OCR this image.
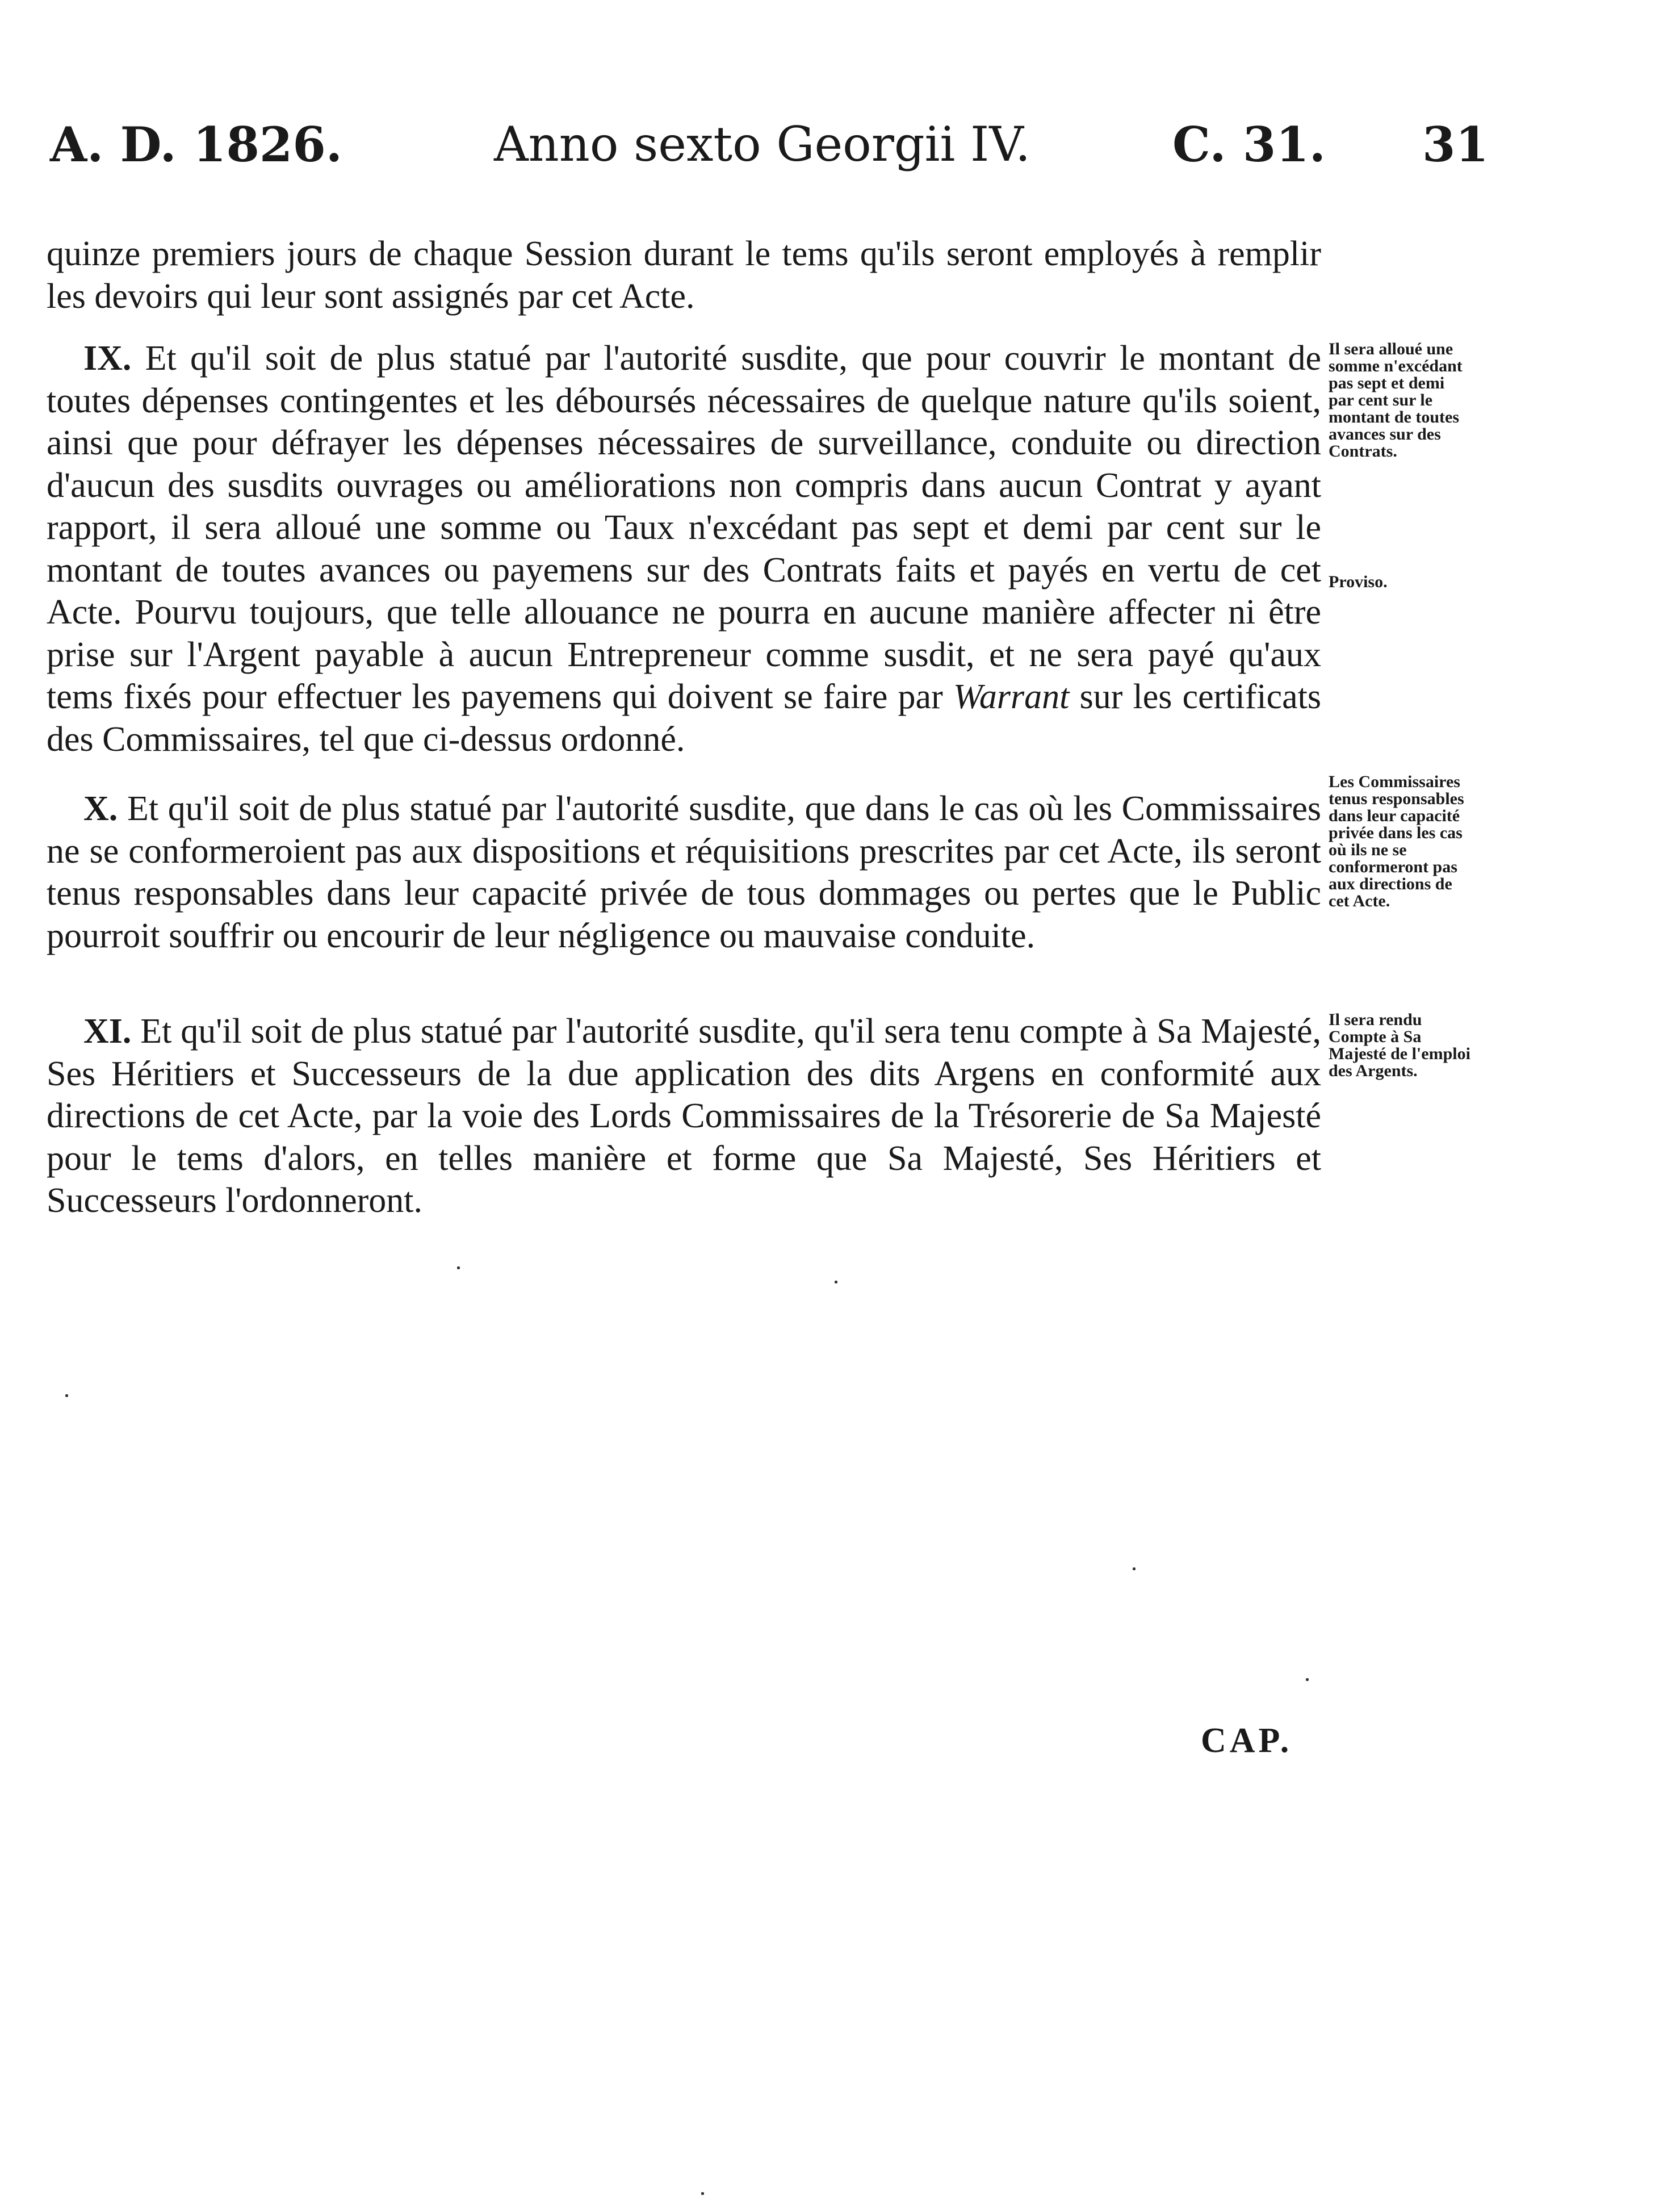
A. D. 1826.	Anno sexto Georgii IV.	C. 31. 31

quinze premiers jours de chaque Session durant le tems qu'ils seront employés à remplir les devoirs qui leur sont assignés par cet Acte.

IX. Et qu'il soit de plus statué par l'autorité susdite, que pour couvrir le montant de toutes dépenses contingentes et les déboursés nécessaires de quelque nature qu'ils soient, ainsi que pour défrayer les dépenses nécessaires de surveillance, conduite ou direction d'aucun des susdits ouvrages ou améliorations non compris dans aucun Contrat y ayant rapport, il sera alloué une somme ou Taux n'excédant pas sept et demi par cent sur le montant de toutes avances ou payemens sur des Contrats faits et payés en vertu de cet Acte. Pourvu toujours, que telle allouance ne pourra en aucune manière affecter ni être prise sur l'Argent payable à aucun Entrepreneur comme susdit, et ne sera payé qu'aux tems fixés pour effectuer les payemens qui doivent se faire par Warrant sur les certificats des Commissaires, tel que ci-dessus ordonné.

X. Et qu'il soit de plus statué par l'autorité susdite, que dans le cas où les Commissaires ne se conformeroient pas aux dispositions et réquisitions prescrites par cet Acte, ils seront tenus responsables dans leur capacité privée de tous dommages ou pertes que le Public pourroit souffrir ou encourir de leur négligence ou mauvaise conduite.

XI. Et qu'il soit de plus statué par l'autorité susdite, qu'il sera tenu compte à Sa Majesté, Ses Héritiers et Successeurs de la due application des dits Argens en conformité aux directions de cet Acte, par la voie des Lords Commissaires de la Trésorerie de Sa Majesté pour le tems d'alors, en telles manière et forme que Sa Majesté, Ses Héritiers et Successeurs l'ordonneront.

Il sera alloué une somme n'excédant pas sept et demi par cent sur le montant de toutes avances sur des Contrats.

Proviso.

Les Commissaires tenus responsables dans leur capacité privée dans les cas où ils ne se conformeront pas aux directions de cet Acte.

Il sera rendu Compte à Sa Majesté de l'emploi des Argents.

CAP.
